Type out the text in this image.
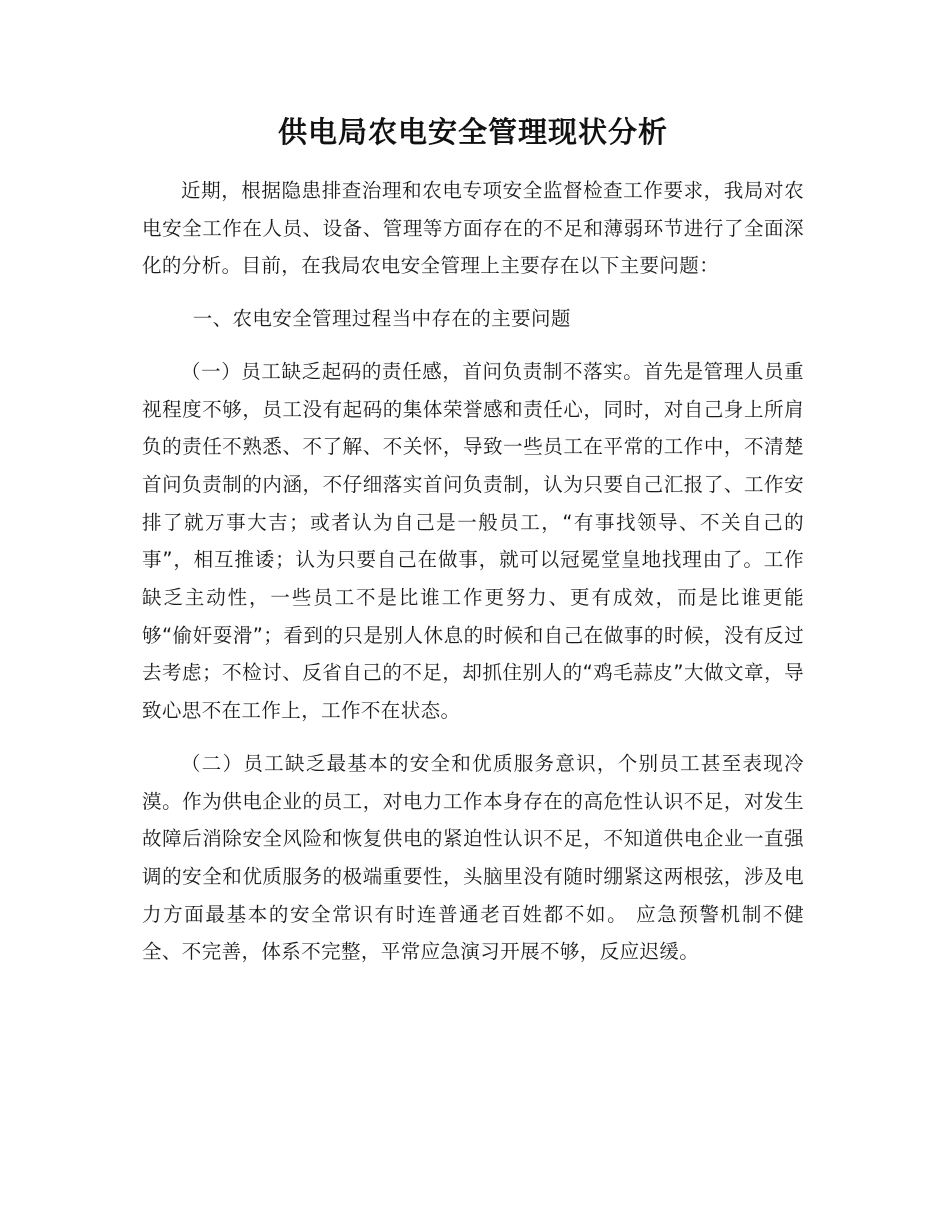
供电局农电安全管理现状分析

近期，根据隐患排查治理和农电专项安全监督检查工作要求，我局对农电安全工作在人员、设备、管理等方面存在的不足和薄弱环节进行了全面深化的分析。目前，在我局农电安全管理上主要存在以下主要问题：

一、农电安全管理过程当中存在的主要问题

（一）员工缺乏起码的责任感，首问负责制不落实。首先是管理人员重视程度不够，员工没有起码的集体荣誉感和责任心，同时，对自己身上所肩负的责任不熟悉、不了解、不关怀，导致一些员工在平常的工作中，不清楚首问负责制的内涵，不仔细落实首问负责制，认为只要自己汇报了、工作安排了就万事大吉；或者认为自己是一般员工，“有事找领导、不关自己的事”，相互推诿；认为只要自己在做事，就可以冠冕堂皇地找理由了。工作缺乏主动性，一些员工不是比谁工作更努力、更有成效，而是比谁更能够“偷奸耍滑”；看到的只是别人休息的时候和自己在做事的时候，没有反过去考虑；不检讨、反省自己的不足，却抓住别人的“鸡毛蒜皮”大做文章，导致心思不在工作上，工作不在状态。

（二）员工缺乏最基本的安全和优质服务意识，个别员工甚至表现冷漠。作为供电企业的员工，对电力工作本身存在的高危性认识不足，对发生故障后消除安全风险和恢复供电的紧迫性认识不足，不知道供电企业一直强调的安全和优质服务的极端重要性，头脑里没有随时绷紧这两根弦，涉及电力方面最基本的安全常识有时连普通老百姓都不如。 应急预警机制不健全、不完善，体系不完整，平常应急演习开展不够，反应迟缓。
